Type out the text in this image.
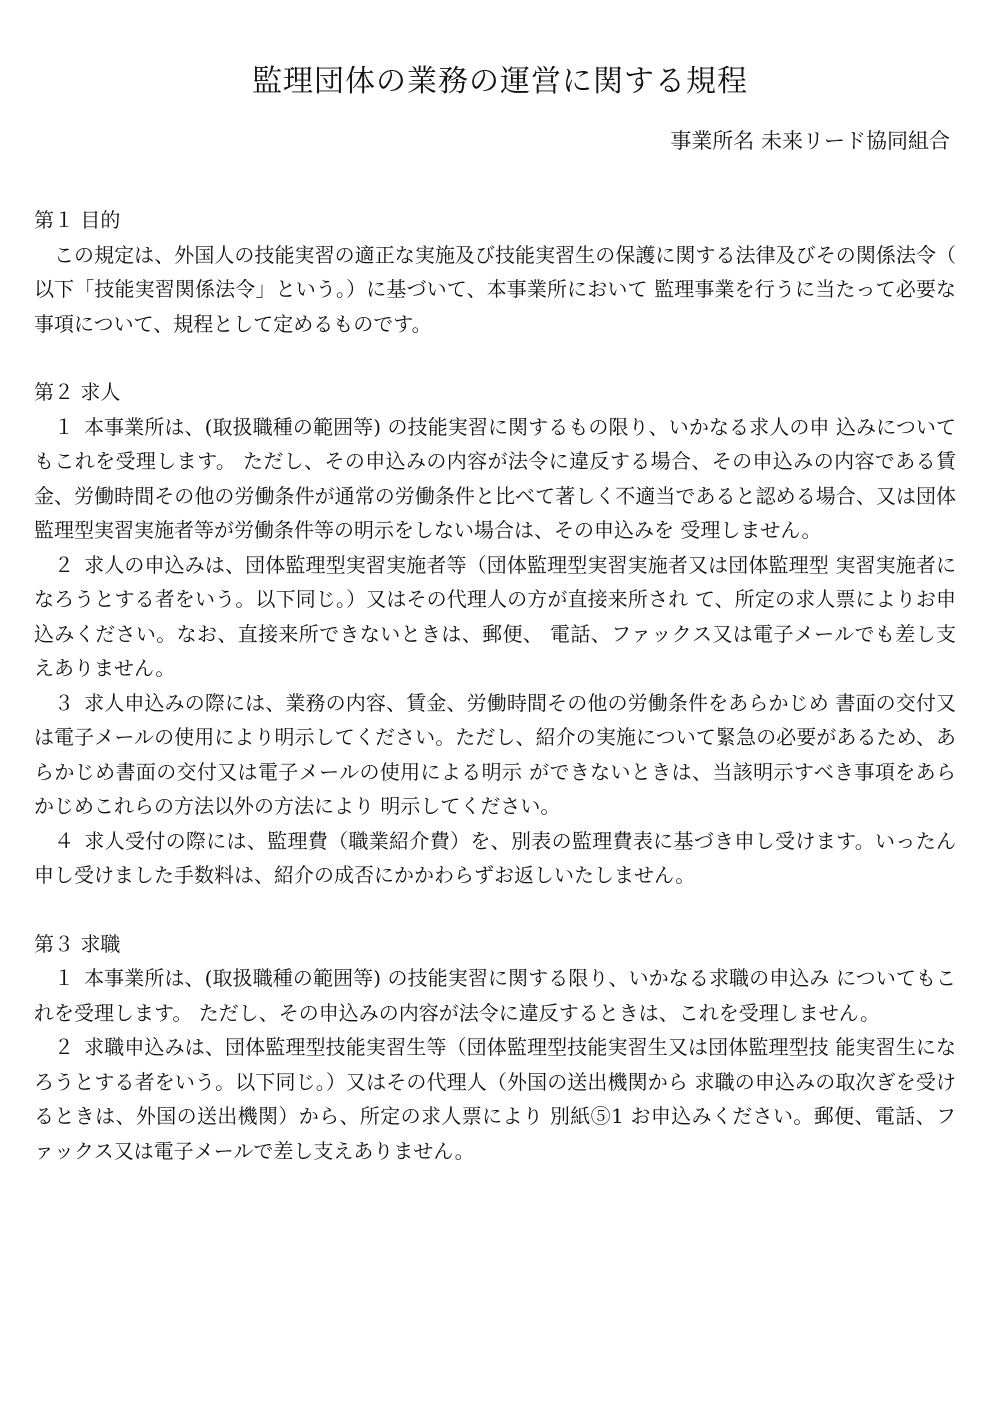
監理団体の業務の運営に関する規程

事業所名 未来リード協同組合

第１ 目的

この規定は、外国人の技能実習の適正な実施及び技能実習生の保護に関する法律及びその関係法令（以下「技能実習関係法令」という。）に基づいて、本事業所において 監理事業を行うに当たって必要な事項について、規程として定めるものです。

第２ 求人

１ 本事業所は、(取扱職種の範囲等) の技能実習に関するもの限り、いかなる求人の申 込みについてもこれを受理します。 ただし、その申込みの内容が法令に違反する場合、その申込みの内容である賃金、労働時間その他の労働条件が通常の労働条件と比べて著しく不適当であると認める場合、又は団体監理型実習実施者等が労働条件等の明示をしない場合は、その申込みを 受理しません。

２ 求人の申込みは、団体監理型実習実施者等（団体監理型実習実施者又は団体監理型 実習実施者になろうとする者をいう。以下同じ。）又はその代理人の方が直接来所され て、所定の求人票によりお申込みください。なお、直接来所できないときは、郵便、 電話、ファックス又は電子メールでも差し支えありません。

３ 求人申込みの際には、業務の内容、賃金、労働時間その他の労働条件をあらかじめ 書面の交付又は電子メールの使用により明示してください。ただし、紹介の実施について緊急の必要があるため、あらかじめ書面の交付又は電子メールの使用による明示 ができないときは、当該明示すべき事項をあらかじめこれらの方法以外の方法により 明示してください。

４ 求人受付の際には、監理費（職業紹介費）を、別表の監理費表に基づき申し受けます。いったん申し受けました手数料は、紹介の成否にかかわらずお返しいたしません。

第３ 求職

１ 本事業所は、(取扱職種の範囲等) の技能実習に関する限り、いかなる求職の申込み についてもこれを受理します。 ただし、その申込みの内容が法令に違反するときは、これを受理しません。

２ 求職申込みは、団体監理型技能実習生等（団体監理型技能実習生又は団体監理型技 能実習生になろうとする者をいう。以下同じ。）又はその代理人（外国の送出機関から 求職の申込みの取次ぎを受けるときは、外国の送出機関）から、所定の求人票により 別紙⑤1 お申込みください。郵便、電話、ファックス又は電子メールで差し支えありません。
